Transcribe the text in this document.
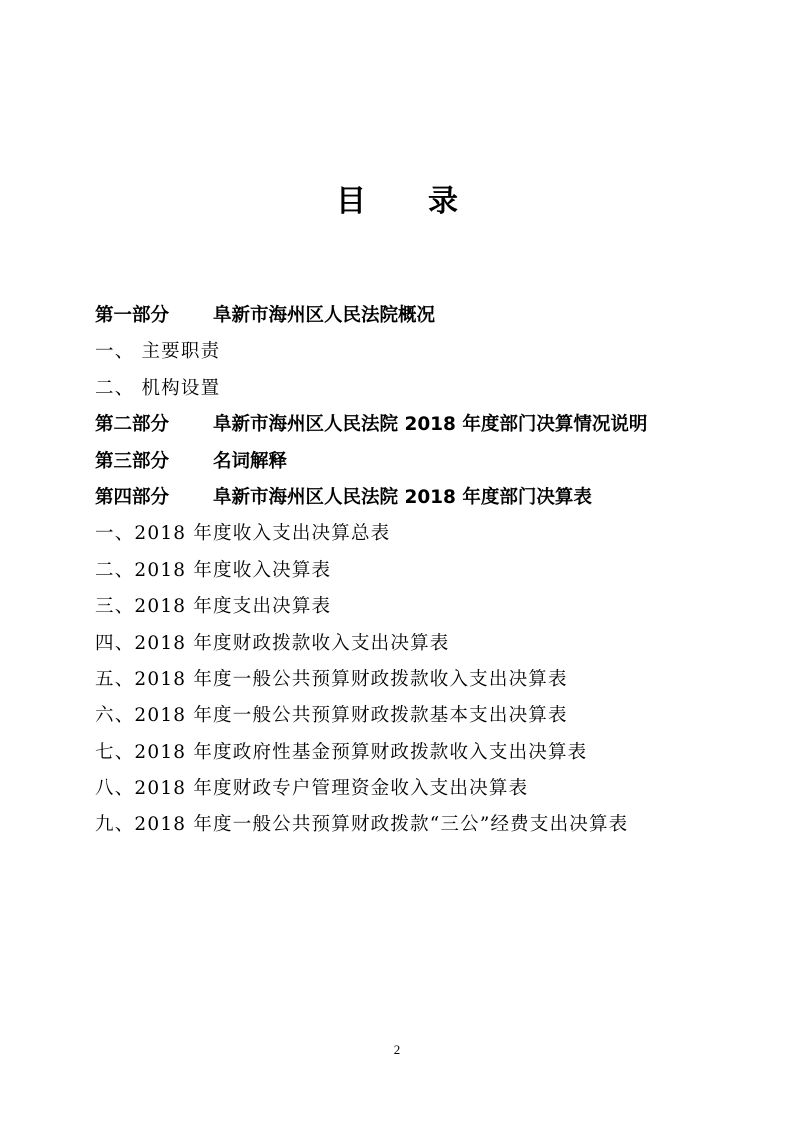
目 录
第一部分	阜新市海州区人民法院概况
一、 主要职责
二、 机构设置
第二部分	阜新市海州区人民法院 2018 年度部门决算情况说明
第三部分	名词解释
第四部分	阜新市海州区人民法院 2018 年度部门决算表
一、2018 年度收入支出决算总表
二、2018 年度收入决算表
三、2018 年度支出决算表
四、2018 年度财政拨款收入支出决算表
五、2018 年度一般公共预算财政拨款收入支出决算表
六、2018 年度一般公共预算财政拨款基本支出决算表
七、2018 年度政府性基金预算财政拨款收入支出决算表
八、2018 年度财政专户管理资金收入支出决算表
九、2018 年度一般公共预算财政拨款“三公”经费支出决算表
2
